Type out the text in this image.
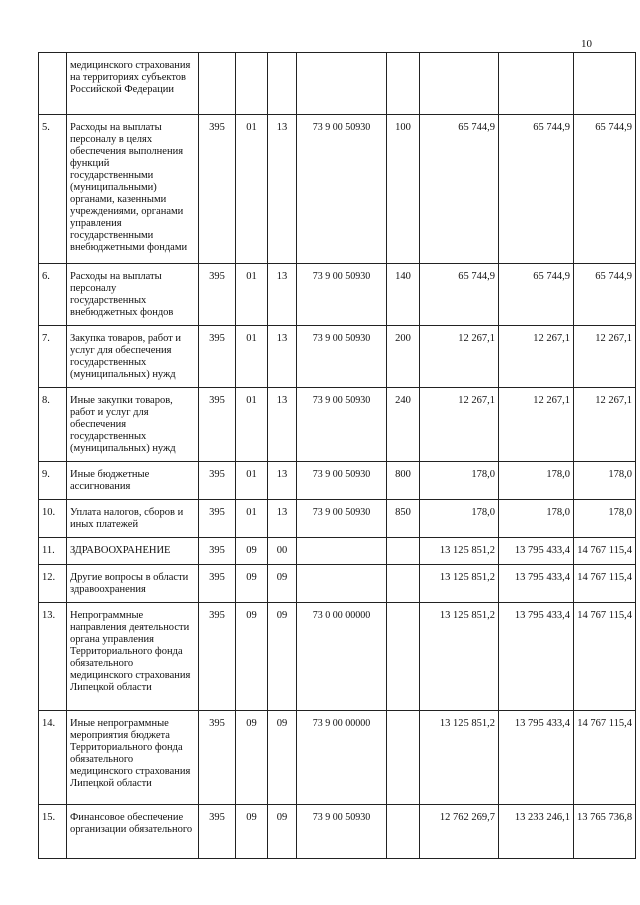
10
	медицинского страхования на территориях субъектов Российской Федерации								
5.	Расходы на выплаты персоналу в целях обеспечения выполнения функций государственными (муниципальными) органами, казенными учреждениями, органами управления государственными внебюджетными фондами	395	01	13	73 9 00 50930	100	65 744,9	65 744,9	65 744,9
6.	Расходы на выплаты персоналу государственных внебюджетных фондов	395	01	13	73 9 00 50930	140	65 744,9	65 744,9	65 744,9
7.	Закупка товаров, работ и услуг для обеспечения государственных (муниципальных) нужд	395	01	13	73 9 00 50930	200	12 267,1	12 267,1	12 267,1
8.	Иные закупки товаров, работ и услуг для обеспечения государственных (муниципальных) нужд	395	01	13	73 9 00 50930	240	12 267,1	12 267,1	12 267,1
9.	Иные бюджетные ассигнования	395	01	13	73 9 00 50930	800	178,0	178,0	178,0
10.	Уплата налогов, сборов и иных платежей	395	01	13	73 9 00 50930	850	178,0	178,0	178,0
11.	ЗДРАВООХРАНЕНИЕ	395	09	00			13 125 851,2	13 795 433,4	14 767 115,4
12.	Другие вопросы в области здравоохранения	395	09	09			13 125 851,2	13 795 433,4	14 767 115,4
13.	Непрограммные направления деятельности органа управления Территориального фонда обязательного медицинского страхования Липецкой области	395	09	09	73 0 00 00000		13 125 851,2	13 795 433,4	14 767 115,4
14.	Иные непрограммные мероприятия бюджета Территориального фонда обязательного медицинского страхования Липецкой области	395	09	09	73 9 00 00000		13 125 851,2	13 795 433,4	14 767 115,4
15.	Финансовое обеспечение организации обязательного	395	09	09	73 9 00 50930		12 762 269,7	13 233 246,1	13 765 736,8
